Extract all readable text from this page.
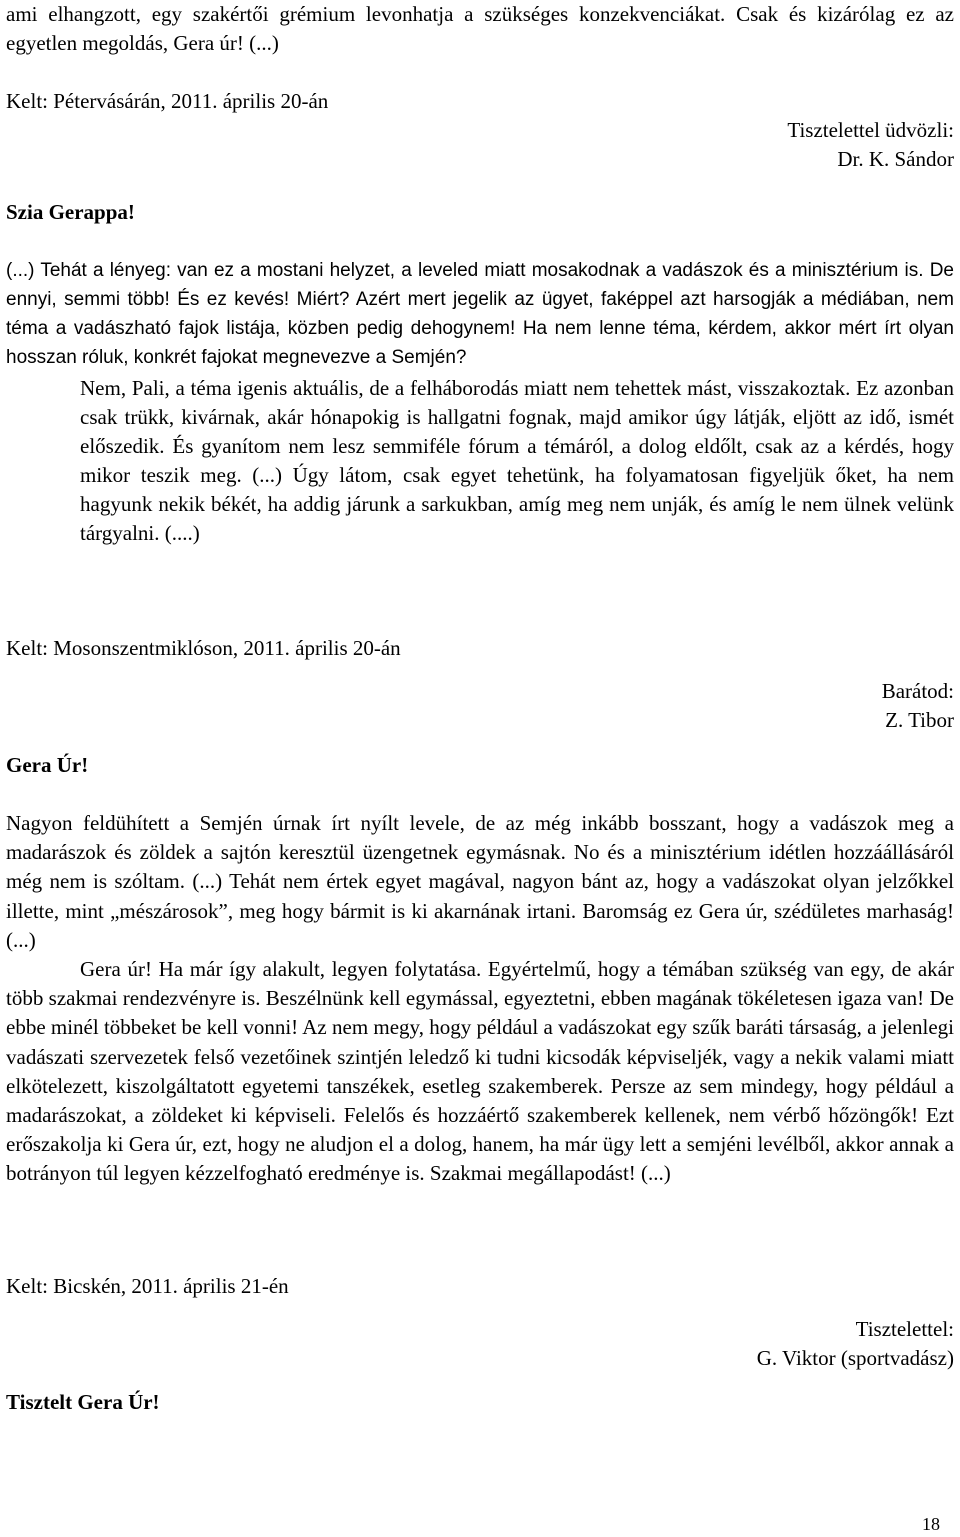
ami elhangzott, egy szakértői grémium levonhatja a szükséges konzekvenciákat. Csak és kizárólag ez az egyetlen megoldás, Gera úr! (...)

Kelt: Pétervásárán, 2011. április 20-án

Tisztelettel üdvözli:

Dr. K. Sándor

Szia Gerappa!

(...) Tehát a lényeg: van ez a mostani helyzet, a leveled miatt mosakodnak a vadászok és a minisztérium is. De ennyi, semmi több! És ez kevés! Miért? Azért mert jegelik az ügyet, faképpel azt harsogják a médiában, nem téma a vadászható fajok listája, közben pedig dehogynem! Ha nem lenne téma, kérdem, akkor mért írt olyan hosszan róluk, konkrét fajokat megnevezve a Semjén?

Nem, Pali, a téma igenis aktuális, de a felháborodás miatt nem tehettek mást, visszakoztak. Ez azonban csak trükk, kivárnak, akár hónapokig is hallgatni fognak, majd amikor úgy látják, eljött az idő, ismét előszedik. És gyanítom nem lesz semmiféle fórum a témáról, a dolog eldőlt, csak az a kérdés, hogy mikor teszik meg. (...) Úgy látom, csak egyet tehetünk, ha folyamatosan figyeljük őket, ha nem hagyunk nekik békét, ha addig járunk a sarkukban, amíg meg nem unják, és amíg le nem ülnek velünk tárgyalni. (....)

Kelt: Mosonszentmiklóson, 2011. április 20-án

Barátod:

Z. Tibor

Gera Úr!

Nagyon feldühített a Semjén úrnak írt nyílt levele, de az még inkább bosszant, hogy a vadászok meg a madarászok és zöldek a sajtón keresztül üzengetnek egymásnak. No és a minisztérium idétlen hozzáállásáról még nem is szóltam. (...) Tehát nem értek egyet magával, nagyon bánt az, hogy a vadászokat olyan jelzőkkel illette, mint „mészárosok”, meg hogy bármit is ki akarnának irtani. Baromság ez Gera úr, szédületes marhaság! (...)

Gera úr! Ha már így alakult, legyen folytatása. Egyértelmű, hogy a témában szükség van egy, de akár több szakmai rendezvényre is. Beszélnünk kell egymással, egyeztetni, ebben magának tökéletesen igaza van! De ebbe minél többeket be kell vonni! Az nem megy, hogy például a vadászokat egy szűk baráti társaság, a jelenlegi vadászati szervezetek felső vezetőinek szintjén leledző ki tudni kicsodák képviseljék, vagy a nekik valami miatt elkötelezett, kiszolgáltatott egyetemi tanszékek, esetleg szakemberek. Persze az sem mindegy, hogy például a madarászokat, a zöldeket ki képviseli. Felelős és hozzáértő szakemberek kellenek, nem vérbő hőzöngők! Ezt erőszakolja ki Gera úr, ezt, hogy ne aludjon el a dolog, hanem, ha már ügy lett a semjéni levélből, akkor annak a botrányon túl legyen kézzelfogható eredménye is. Szakmai megállapodást! (...)

Kelt: Bicskén, 2011. április 21-én

Tisztelettel:

G. Viktor (sportvadász)

Tisztelt Gera Úr!

18
